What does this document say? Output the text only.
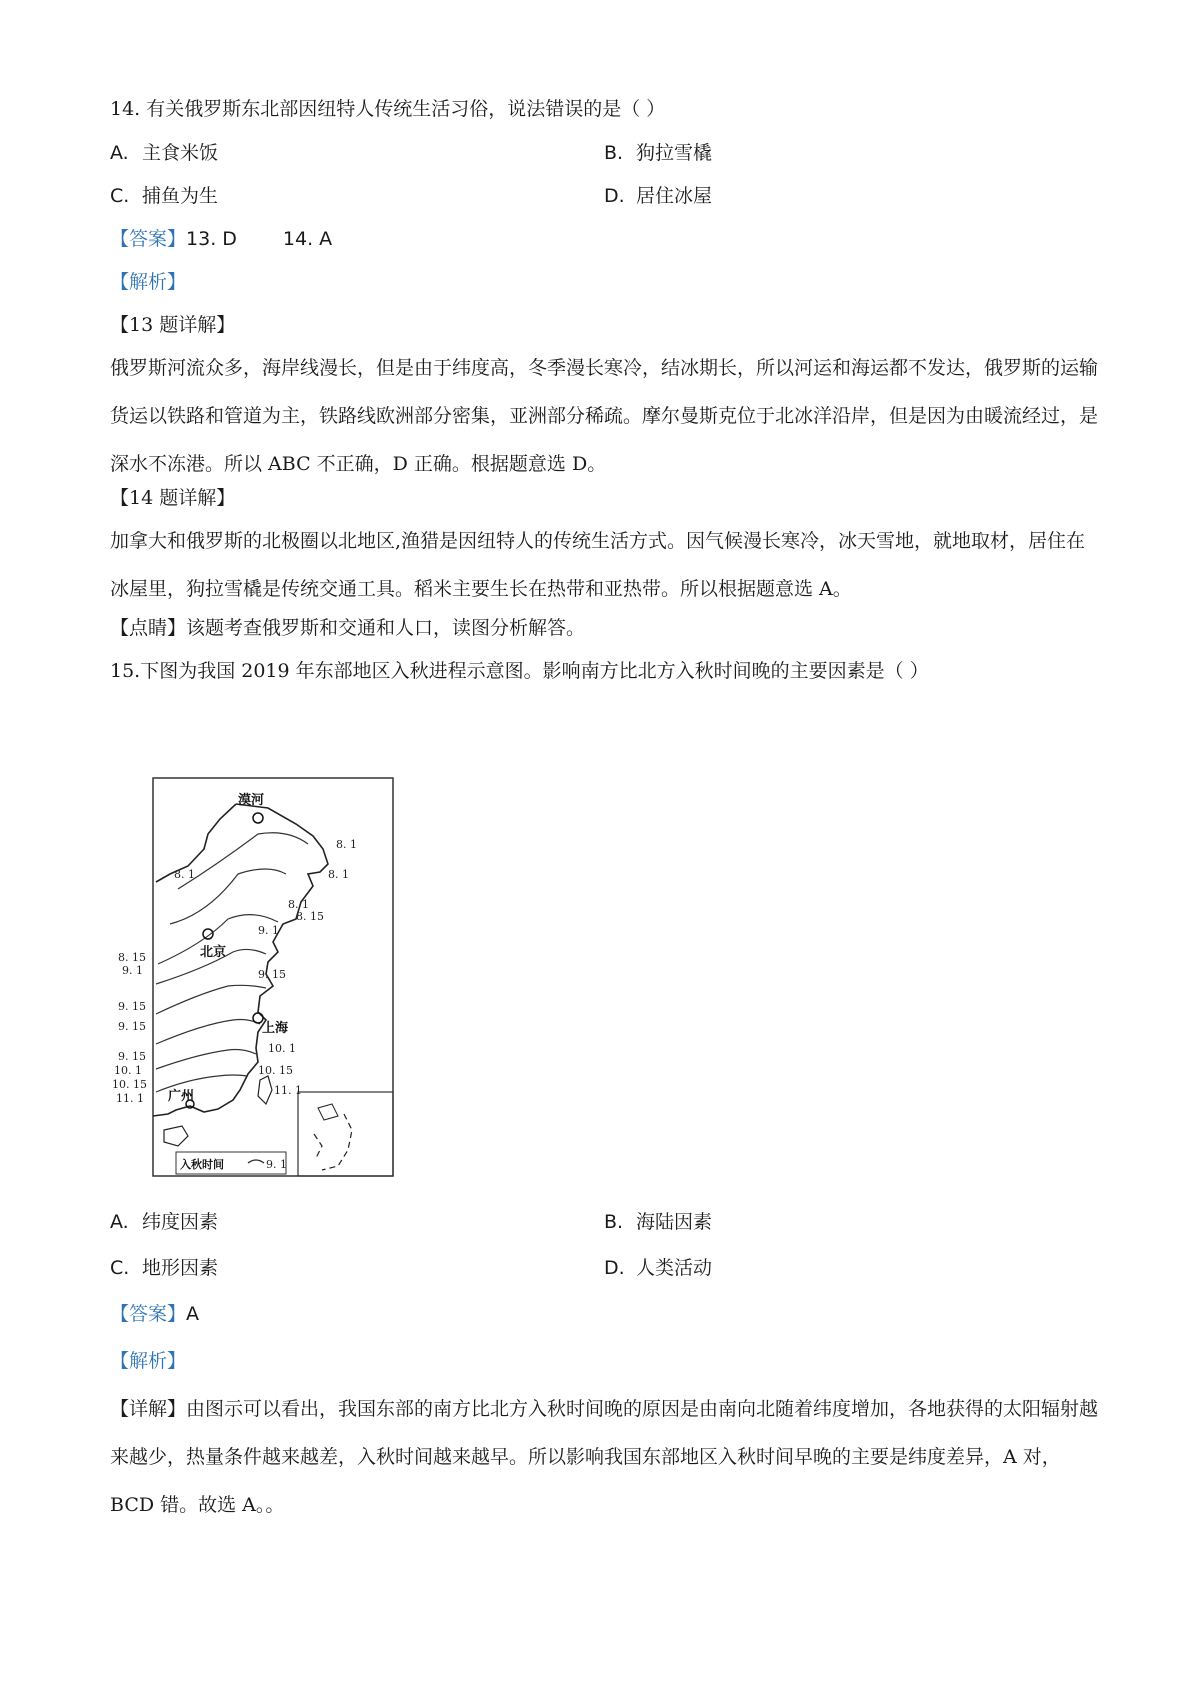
14. 有关俄罗斯东北部因纽特人传统生活习俗，说法错误的是（ ）
A. 主食米饭	B. 狗拉雪橇
C. 捕鱼为生	D. 居住冰屋
【答案】13. D 14. A
【解析】
【13 题详解】
俄罗斯河流众多，海岸线漫长，但是由于纬度高，冬季漫长寒冷，结冰期长，所以河运和海运都不发达，俄罗斯的运输货运以铁路和管道为主，铁路线欧洲部分密集，亚洲部分稀疏。摩尔曼斯克位于北冰洋沿岸，但是因为由暖流经过，是深水不冻港。所以 ABC 不正确，D 正确。根据题意选 D。
【14 题详解】
加拿大和俄罗斯的北极圈以北地区,渔猎是因纽特人的传统生活方式。因气候漫长寒冷，冰天雪地，就地取材，居住在冰屋里，狗拉雪橇是传统交通工具。稻米主要生长在热带和亚热带。所以根据题意选 A。
【点睛】该题考查俄罗斯和交通和人口，读图分析解答。
15.下图为我国 2019 年东部地区入秋进程示意图。影响南方比北方入秋时间晚的主要因素是（ ）
漠河
北京
上海
广州
入秋时间	9. 1
8. 1
8. 1	8. 1
8. 1
8. 15
9. 1
8. 15
9. 1	9. 15
9. 15
9. 15
10. 1
9. 15
10. 15
10. 1
10. 15
11. 1
11. 1
A. 纬度因素	B. 海陆因素
C. 地形因素	D. 人类活动
【答案】A
【解析】
【详解】由图示可以看出，我国东部的南方比北方入秋时间晚的原因是由南向北随着纬度增加，各地获得的太阳辐射越来越少，热量条件越来越差，入秋时间越来越早。所以影响我国东部地区入秋时间早晚的主要是纬度差异，A 对，BCD 错。故选 A。。
